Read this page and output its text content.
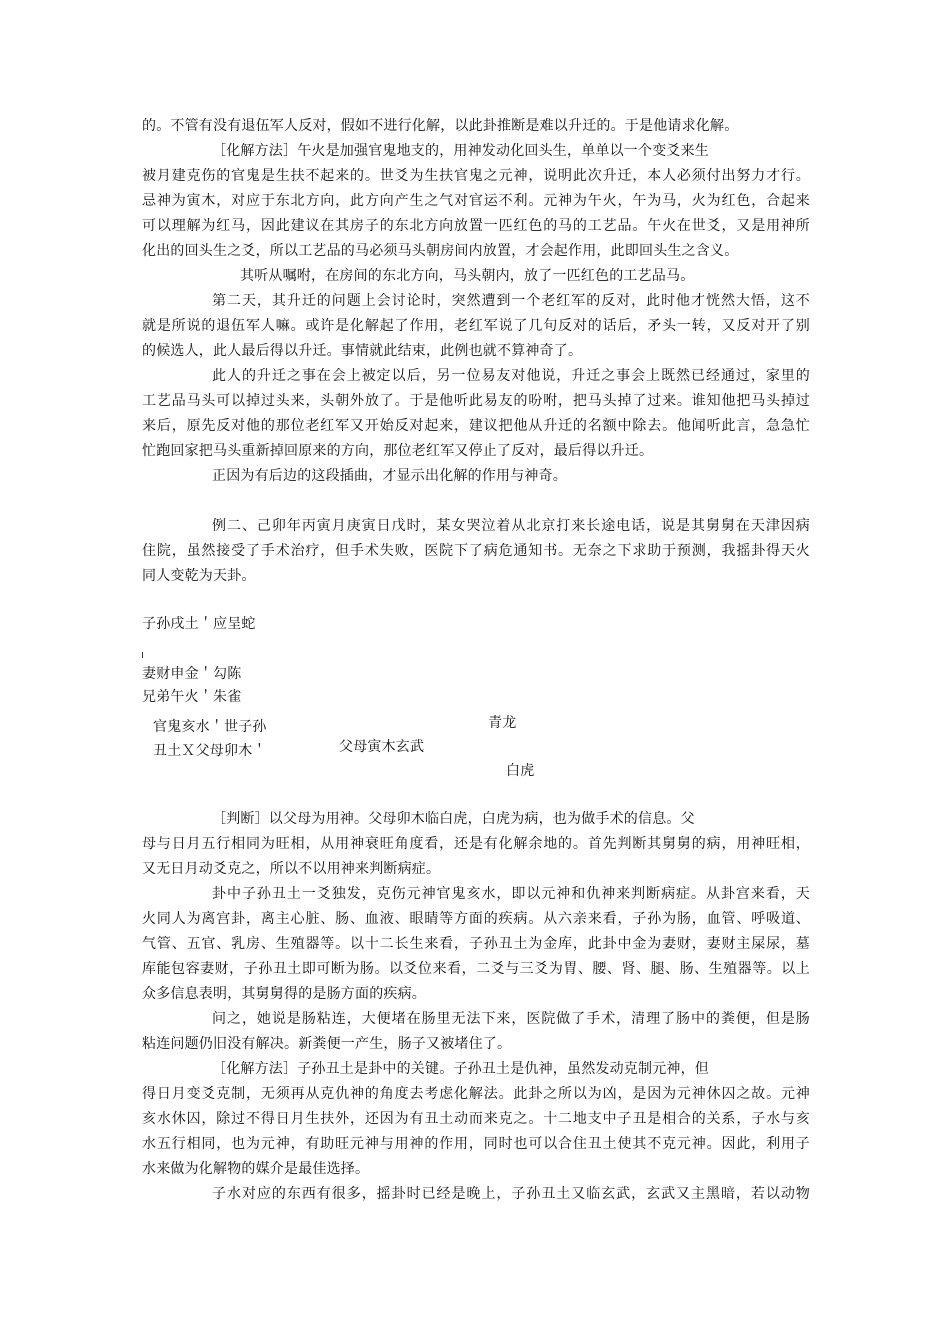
的。不管有没有退伍军人反对，假如不进行化解，以此卦推断是难以升迁的。于是他请求化解。
［化解方法］午火是加强官鬼地支的，用神发动化回头生，单单以一个变爻来生
被月建克伤的官鬼是生扶不起来的。世爻为生扶官鬼之元神，说明此次升迁，本人必须付出努力才行。
忌神为寅木，对应于东北方向，此方向产生之气对官运不利。元神为午火，午为马，火为红色，合起来
可以理解为红马，因此建议在其房子的东北方向放置一匹红色的马的工艺品。午火在世爻，又是用神所
化出的回头生之爻，所以工艺品的马必须马头朝房间内放置，才会起作用，此即回头生之含义。
其听从嘱咐，在房间的东北方向，马头朝内，放了一匹红色的工艺品马。
第二天，其升迁的问题上会讨论时，突然遭到一个老红军的反对，此时他才恍然大悟，这不
就是所说的退伍军人嘛。或许是化解起了作用，老红军说了几句反对的话后，矛头一转，又反对开了别
的候选人，此人最后得以升迁。事情就此结束，此例也就不算神奇了。
此人的升迁之事在会上被定以后，另一位易友对他说，升迁之事会上既然已经通过，家里的
工艺品马头可以掉过头来，头朝外放了。于是他听此易友的吩咐，把马头掉了过来。谁知他把马头掉过
来后，原先反对他的那位老红军又开始反对起来，建议把他从升迁的名额中除去。他闻听此言，急急忙
忙跑回家把马头重新掉回原来的方向，那位老红军又停止了反对，最后得以升迁。
正因为有后边的这段插曲，才显示出化解的作用与神奇。
例二、己卯年丙寅月庚寅日戊时，某女哭泣着从北京打来长途电话，说是其舅舅在天津因病
住院，虽然接受了手术治疗，但手术失败，医院下了病危通知书。无奈之下求助于预测，我摇卦得天火
同人变乾为天卦。
子孙戌土＇应呈蛇
妻财申金＇勾陈
兄弟午火＇朱雀
青龙
官鬼亥水＇世子孙
父母寅木玄武
丑土Ｘ父母卯木＇
白虎
［判断］以父母为用神。父母卯木临白虎，白虎为病，也为做手术的信息。父
母与日月五行相同为旺相，从用神衰旺角度看，还是有化解余地的。首先判断其舅舅的病，用神旺相，
又无日月动爻克之，所以不以用神来判断病症。
卦中子孙丑土一爻独发，克伤元神官鬼亥水，即以元神和仇神来判断病症。从卦宫来看，天
火同人为离宫卦，离主心脏、肠、血液、眼睛等方面的疾病。从六亲来看，子孙为肠，血管、呼吸道、
气管、五官、乳房、生殖器等。以十二长生来看，子孙丑土为金库，此卦中金为妻财，妻财主屎尿，墓
库能包容妻财，子孙丑土即可断为肠。以爻位来看，二爻与三爻为胃、腰、肾、腿、肠、生殖器等。以上
众多信息表明，其舅舅得的是肠方面的疾病。
问之，她说是肠粘连，大便堵在肠里无法下来，医院做了手术，清理了肠中的粪便，但是肠
粘连问题仍旧没有解决。新粪便一产生，肠子又被堵住了。
［化解方法］子孙丑土是卦中的关键。子孙丑土是仇神，虽然发动克制元神，但
得日月变爻克制，无须再从克仇神的角度去考虑化解法。此卦之所以为凶，是因为元神休囚之故。元神
亥水休囚，除过不得日月生扶外，还因为有丑土动而来克之。十二地支中子丑是相合的关系，子水与亥
水五行相同，也为元神，有助旺元神与用神的作用，同时也可以合住丑土使其不克元神。因此，利用子
水来做为化解物的媒介是最佳选择。
子水对应的东西有很多，摇卦时已经是晚上，子孙丑土又临玄武，玄武又主黑暗，若以动物
